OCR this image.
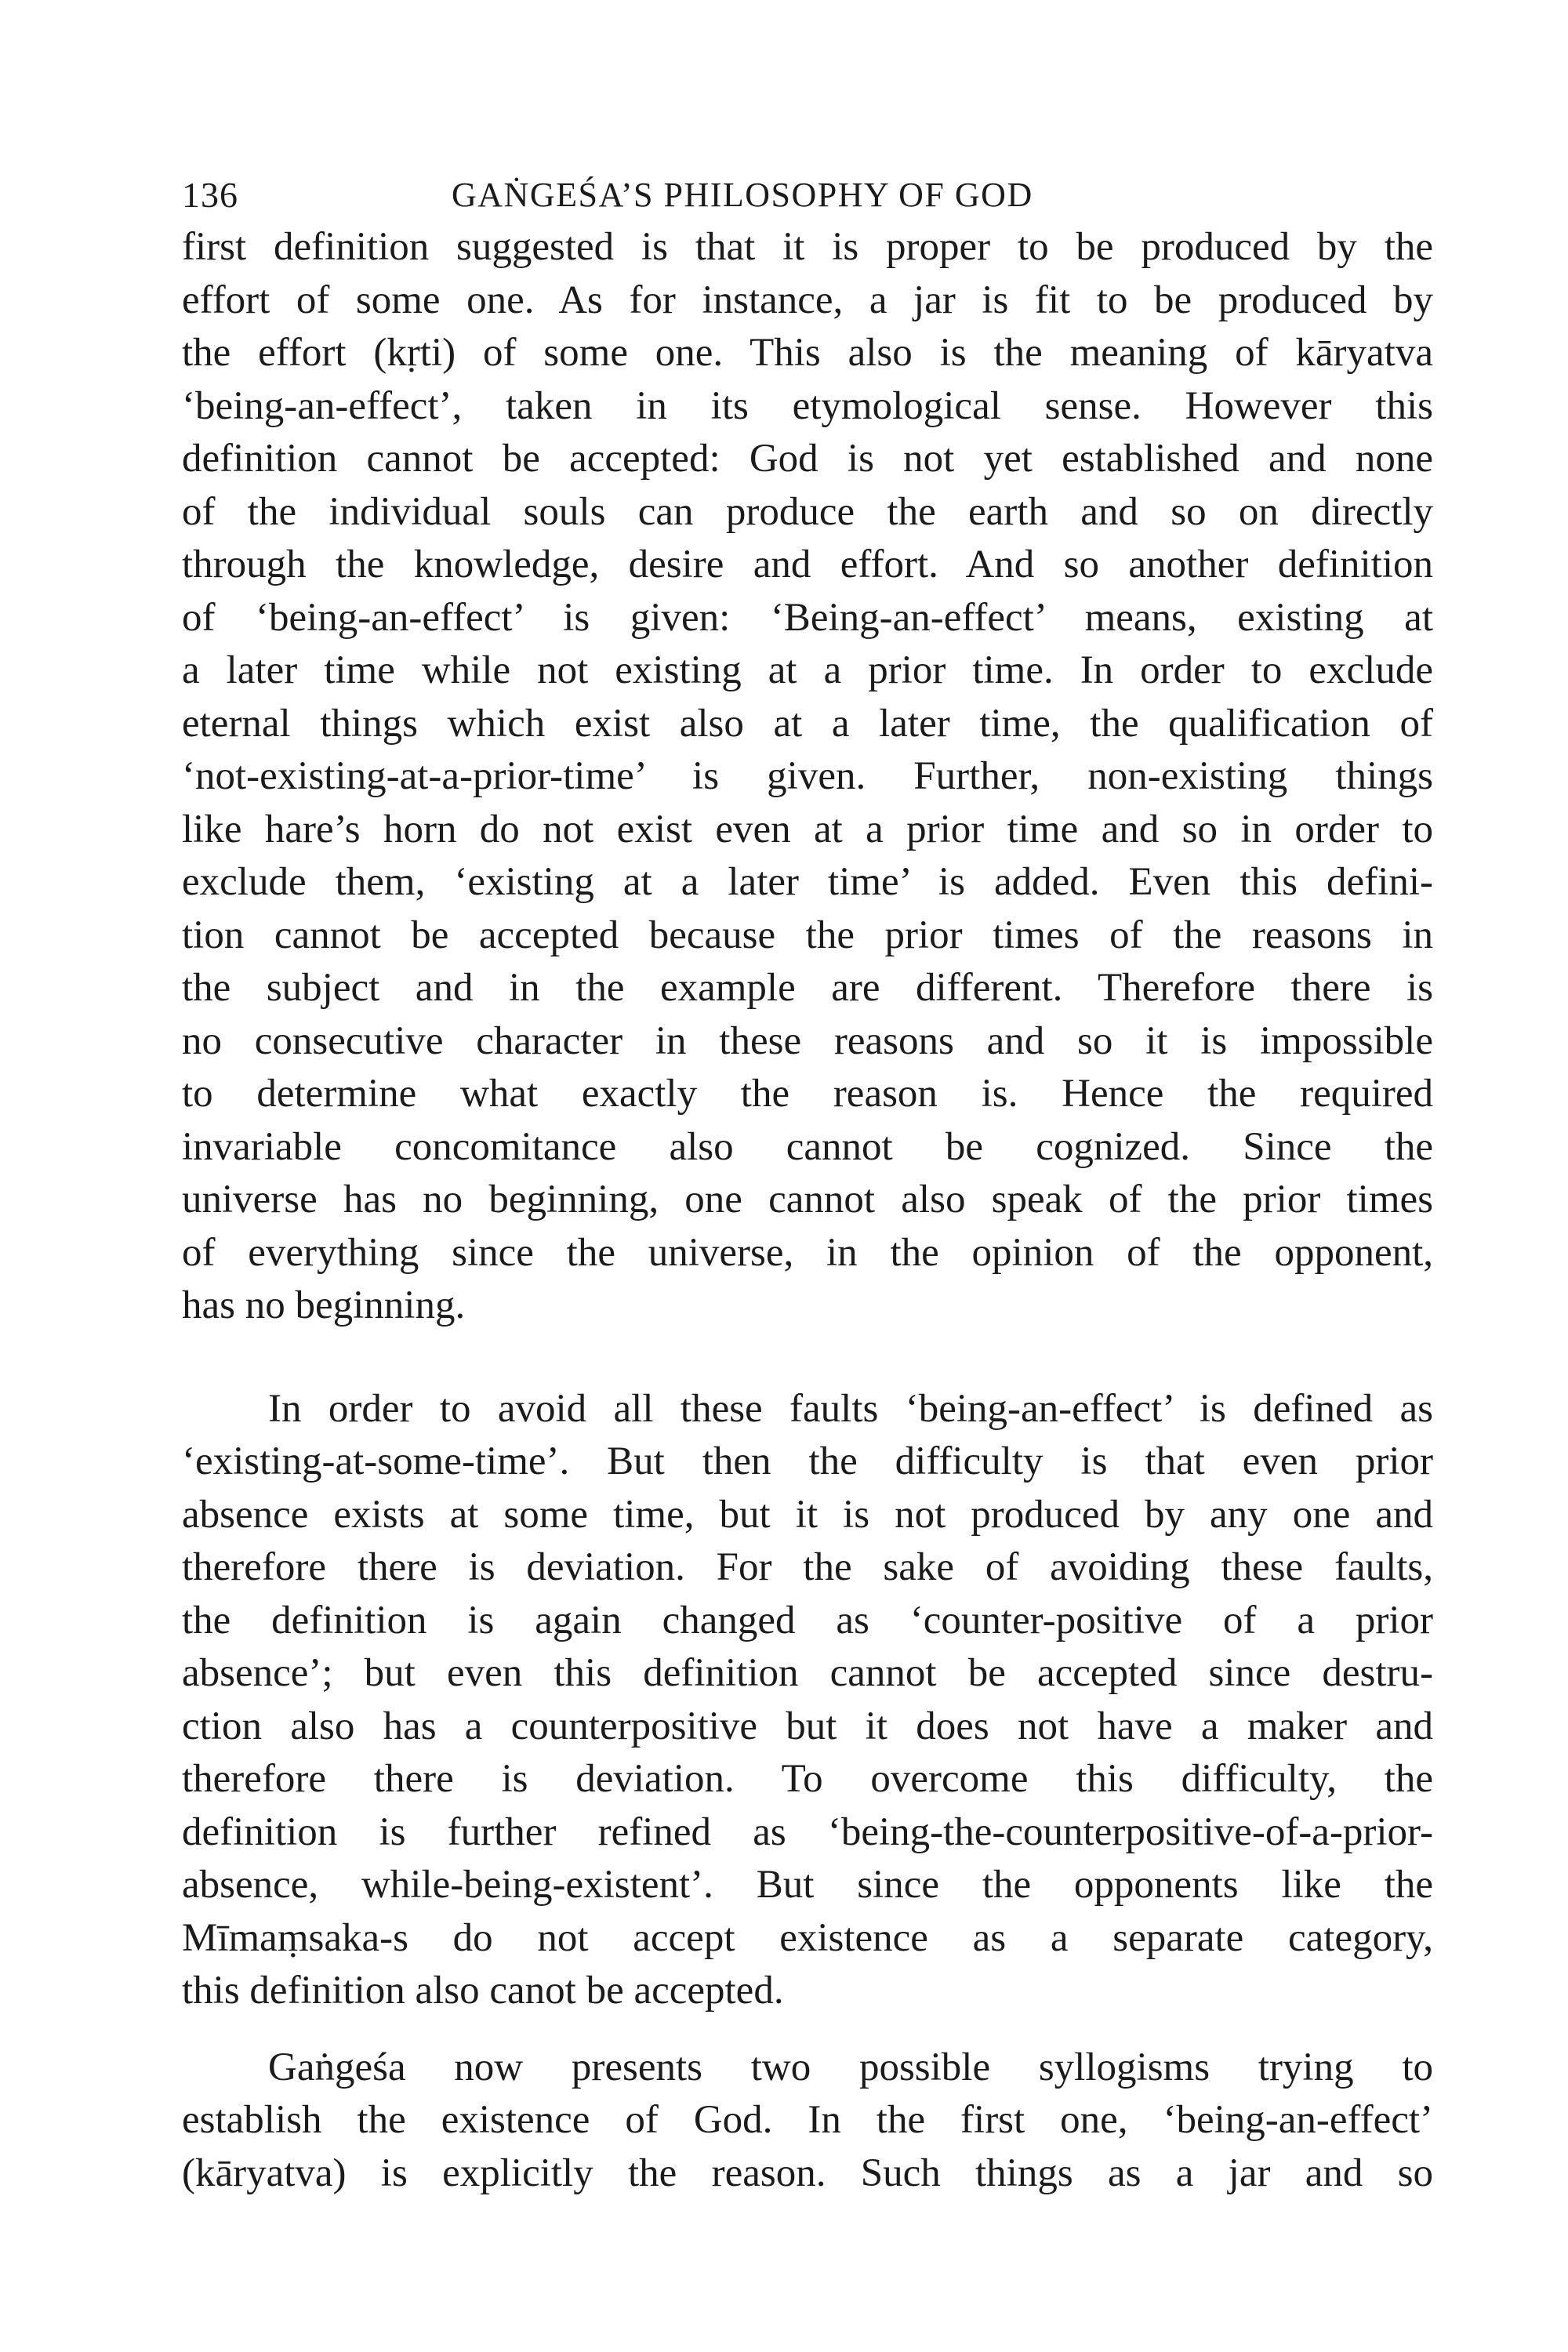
136	GAṄGEŚA’S PHILOSOPHY OF GOD
first definition suggested is that it is proper to be produced by the
effort of some one. As for instance, a jar is fit to be produced by
the effort (kṛti) of some one. This also is the meaning of kāryatva
‘being-an-effect’, taken in its etymological sense. However this
definition cannot be accepted: God is not yet established and none
of the individual souls can produce the earth and so on directly
through the knowledge, desire and effort. And so another definition
of ‘being-an-effect’ is given: ‘Being-an-effect’ means, existing at
a later time while not existing at a prior time. In order to exclude
eternal things which exist also at a later time, the qualification of
‘not-existing-at-a-prior-time’ is given. Further, non-existing things
like hare’s horn do not exist even at a prior time and so in order to
exclude them, ‘existing at a later time’ is added. Even this defini-
tion cannot be accepted because the prior times of the reasons in
the subject and in the example are different. Therefore there is
no consecutive character in these reasons and so it is impossible
to determine what exactly the reason is. Hence the required
invariable concomitance also cannot be cognized. Since the
universe has no beginning, one cannot also speak of the prior times
of everything since the universe, in the opinion of the opponent,
has no beginning.
In order to avoid all these faults ‘being-an-effect’ is defined as
‘existing-at-some-time’. But then the difficulty is that even prior
absence exists at some time, but it is not produced by any one and
therefore there is deviation. For the sake of avoiding these faults,
the definition is again changed as ‘counter-positive of a prior
absence’; but even this definition cannot be accepted since destru-
ction also has a counterpositive but it does not have a maker and
therefore there is deviation. To overcome this difficulty, the
definition is further refined as ‘being-the-counterpositive-of-a-prior-
absence, while-being-existent’. But since the opponents like the
Mīmaṃsaka-s do not accept existence as a separate category,
this definition also canot be accepted.
Gaṅgeśa now presents two possible syllogisms trying to
establish the existence of God. In the first one, ‘being-an-effect’
(kāryatva) is explicitly the reason. Such things as a jar and so
